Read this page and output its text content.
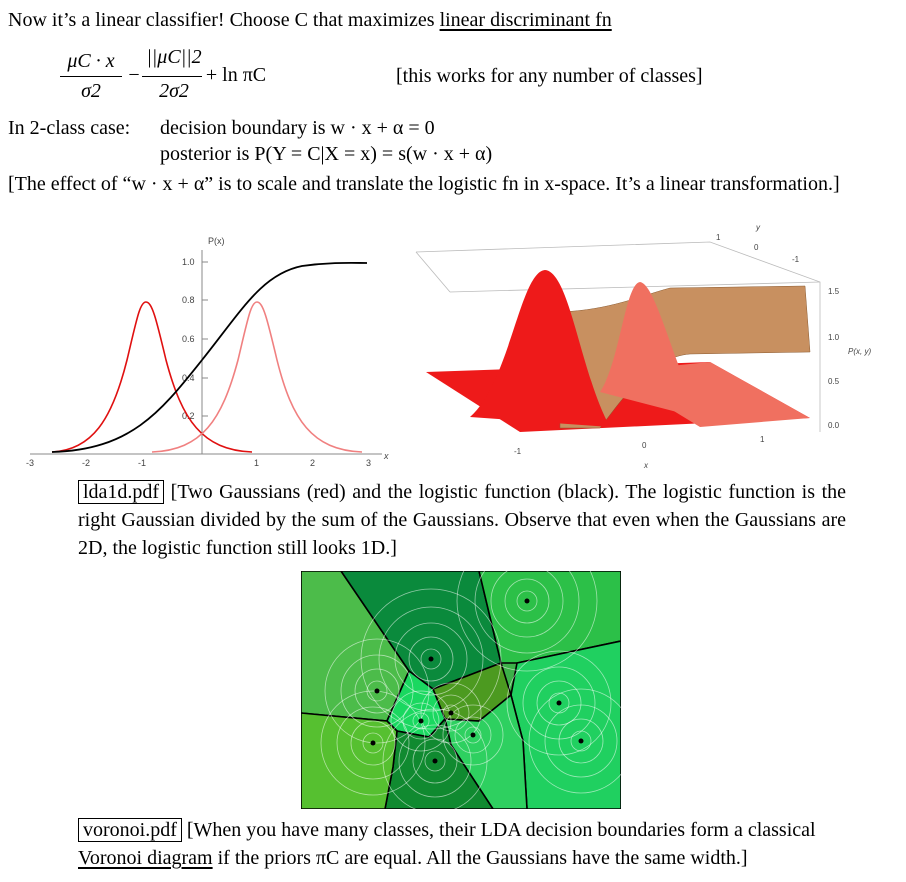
Now it’s a linear classifier! Choose C that maximizes linear discriminant fn
μC · x
σ2
−
||μC||2
2σ2
+ ln πC	[this works for any number of classes]
In 2-class case: decision boundary is w · x + α = 0
posterior is P(Y = C|X = x) = s(w · x + α)
[The effect of “w · x + α” is to scale and translate the logistic fn in x-space. It’s a linear transformation.]
P(x)
x
1.0
0.8
0.6
0.4
0.2
-3	-2	-1	1	2	3
1.5
1.0
0.5
0.0
P(x, y)
1
0
-1
y
-1
0
1
x
lda1d.pdf [Two Gaussians (red) and the logistic function (black). The logistic function is the right Gaussian divided by the sum of the Gaussians. Observe that even when the Gaussians are 2D, the logistic function still looks 1D.]
voronoi.pdf [When you have many classes, their LDA decision boundaries form a classical Voronoi diagram if the priors πC are equal. All the Gaussians have the same width.]
